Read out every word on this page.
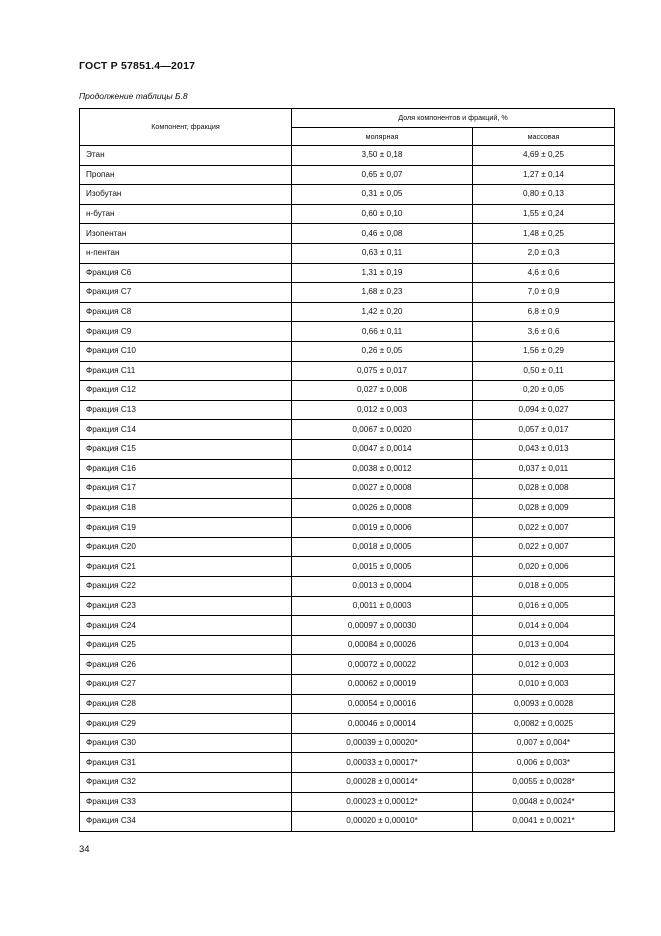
ГОСТ Р 57851.4—2017
Продолжение таблицы Б.8
Компонент, фракция	Доля компонентов и фракций, %	
	молярная	массовая
Этан	3,50 ± 0,18	4,69 ± 0,25
Пропан	0,65 ± 0,07	1,27 ± 0,14
Изобутан	0,31 ± 0,05	0,80 ± 0,13
н-бутан	0,60 ± 0,10	1,55 ± 0,24
Изопентан	0,46 ± 0,08	1,48 ± 0,25
н-пентан	0,63 ± 0,11	2,0 ± 0,3
Фракция С6	1,31 ± 0,19	4,6 ± 0,6
Фракция С7	1,68 ± 0,23	7,0 ± 0,9
Фракция С8	1,42 ± 0,20	6,8 ± 0,9
Фракция С9	0,66 ± 0,11	3,6 ± 0,6
Фракция С10	0,26 ± 0,05	1,56 ± 0,29
Фракция С11	0,075 ± 0,017	0,50 ± 0,11
Фракция С12	0,027 ± 0,008	0,20 ± 0,05
Фракция С13	0,012 ± 0,003	0,094 ± 0,027
Фракция С14	0,0067 ± 0,0020	0,057 ± 0,017
Фракция С15	0,0047 ± 0,0014	0,043 ± 0,013
Фракция С16	0,0038 ± 0,0012	0,037 ± 0,011
Фракция С17	0,0027 ± 0,0008	0,028 ± 0,008
Фракция С18	0,0026 ± 0,0008	0,028 ± 0,009
Фракция С19	0,0019 ± 0,0006	0,022 ± 0,007
Фракция С20	0,0018 ± 0,0005	0,022 ± 0,007
Фракция С21	0,0015 ± 0,0005	0,020 ± 0,006
Фракция С22	0,0013 ± 0,0004	0,018 ± 0,005
Фракция С23	0,0011 ± 0,0003	0,016 ± 0,005
Фракция С24	0,00097 ± 0,00030	0,014 ± 0,004
Фракция С25	0,00084 ± 0,00026	0,013 ± 0,004
Фракция С26	0,00072 ± 0,00022	0,012 ± 0,003
Фракция С27	0,00062 ± 0,00019	0,010 ± 0,003
Фракция С28	0,00054 ± 0,00016	0,0093 ± 0,0028
Фракция С29	0,00046 ± 0,00014	0,0082 ± 0,0025
Фракция С30	0,00039 ± 0,00020*	0,007 ± 0,004*
Фракция С31	0,00033 ± 0,00017*	0,006 ± 0,003*
Фракция С32	0,00028 ± 0,00014*	0,0055 ± 0,0028*
Фракция С33	0,00023 ± 0,00012*	0,0048 ± 0,0024*
Фракция С34	0,00020 ± 0,00010*	0,0041 ± 0,0021*
34
